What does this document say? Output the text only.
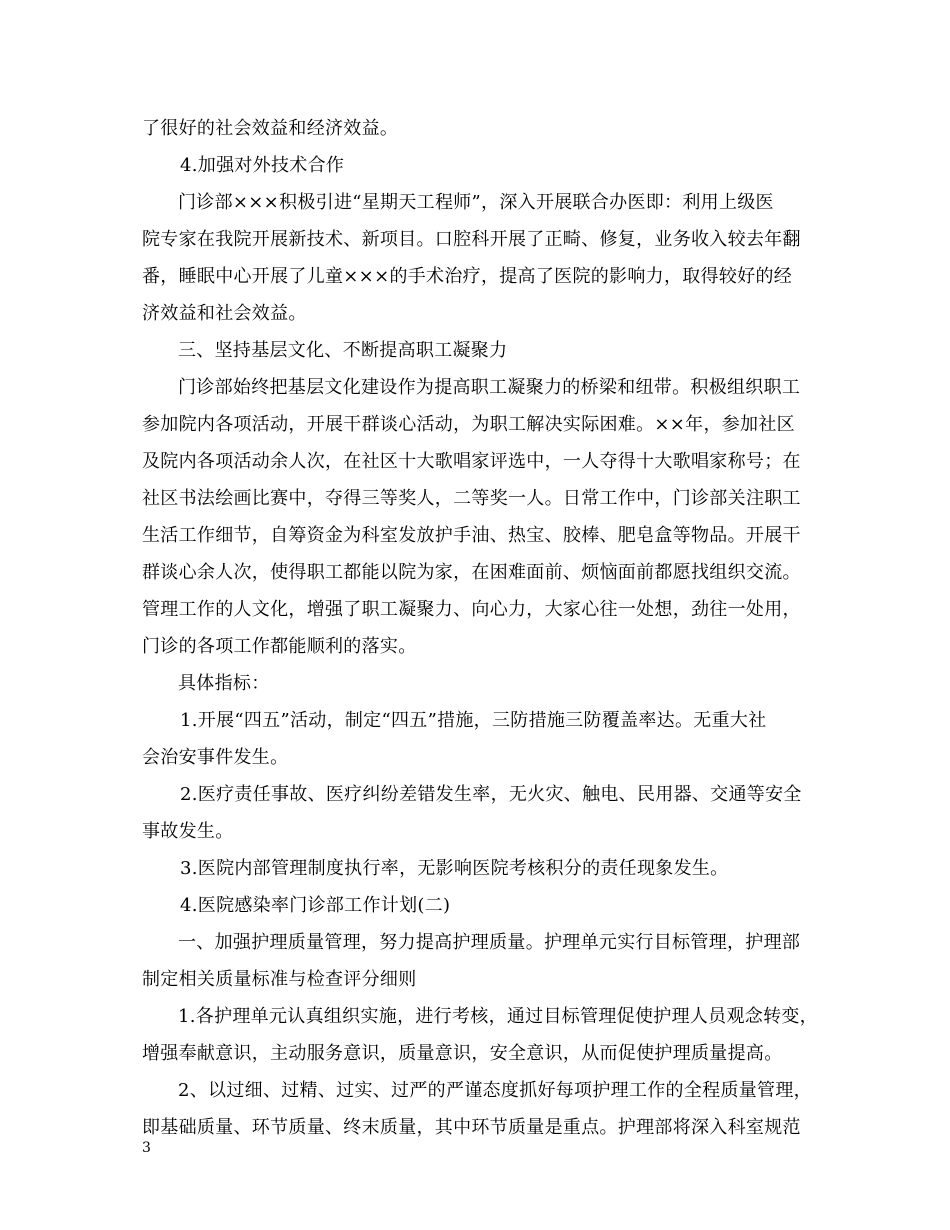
了很好的社会效益和经济效益。

4.加强对外技术合作

门诊部×××积极引进“星期天工程师”，深入开展联合办医即：利用上级医

院专家在我院开展新技术、新项目。口腔科开展了正畸、修复，业务收入较去年翻

番，睡眠中心开展了儿童×××的手术治疗，提高了医院的影响力，取得较好的经

济效益和社会效益。

三、坚持基层文化、不断提高职工凝聚力

门诊部始终把基层文化建设作为提高职工凝聚力的桥梁和纽带。积极组织职工

参加院内各项活动，开展干群谈心活动，为职工解决实际困难。××年，参加社区

及院内各项活动余人次，在社区十大歌唱家评选中，一人夺得十大歌唱家称号；在

社区书法绘画比赛中，夺得三等奖人，二等奖一人。日常工作中，门诊部关注职工

生活工作细节，自筹资金为科室发放护手油、热宝、胶棒、肥皂盒等物品。开展干

群谈心余人次，使得职工都能以院为家，在困难面前、烦恼面前都愿找组织交流。

管理工作的人文化，增强了职工凝聚力、向心力，大家心往一处想，劲往一处用，

门诊的各项工作都能顺利的落实。

具体指标：

1.开展“四五”活动，制定“四五”措施，三防措施三防覆盖率达。无重大社

会治安事件发生。

2.医疗责任事故、医疗纠纷差错发生率，无火灾、触电、民用器、交通等安全

事故发生。

3.医院内部管理制度执行率，无影响医院考核积分的责任现象发生。

4.医院感染率门诊部工作计划(二)

一、加强护理质量管理，努力提高护理质量。护理单元实行目标管理，护理部

制定相关质量标准与检查评分细则

1.各护理单元认真组织实施，进行考核，通过目标管理促使护理人员观念转变，

增强奉献意识，主动服务意识，质量意识，安全意识，从而促使护理质量提高。

2、以过细、过精、过实、过严的严谨态度抓好每项护理工作的全程质量管理，

即基础质量、环节质量、终末质量，其中环节质量是重点。护理部将深入科室规范

3
